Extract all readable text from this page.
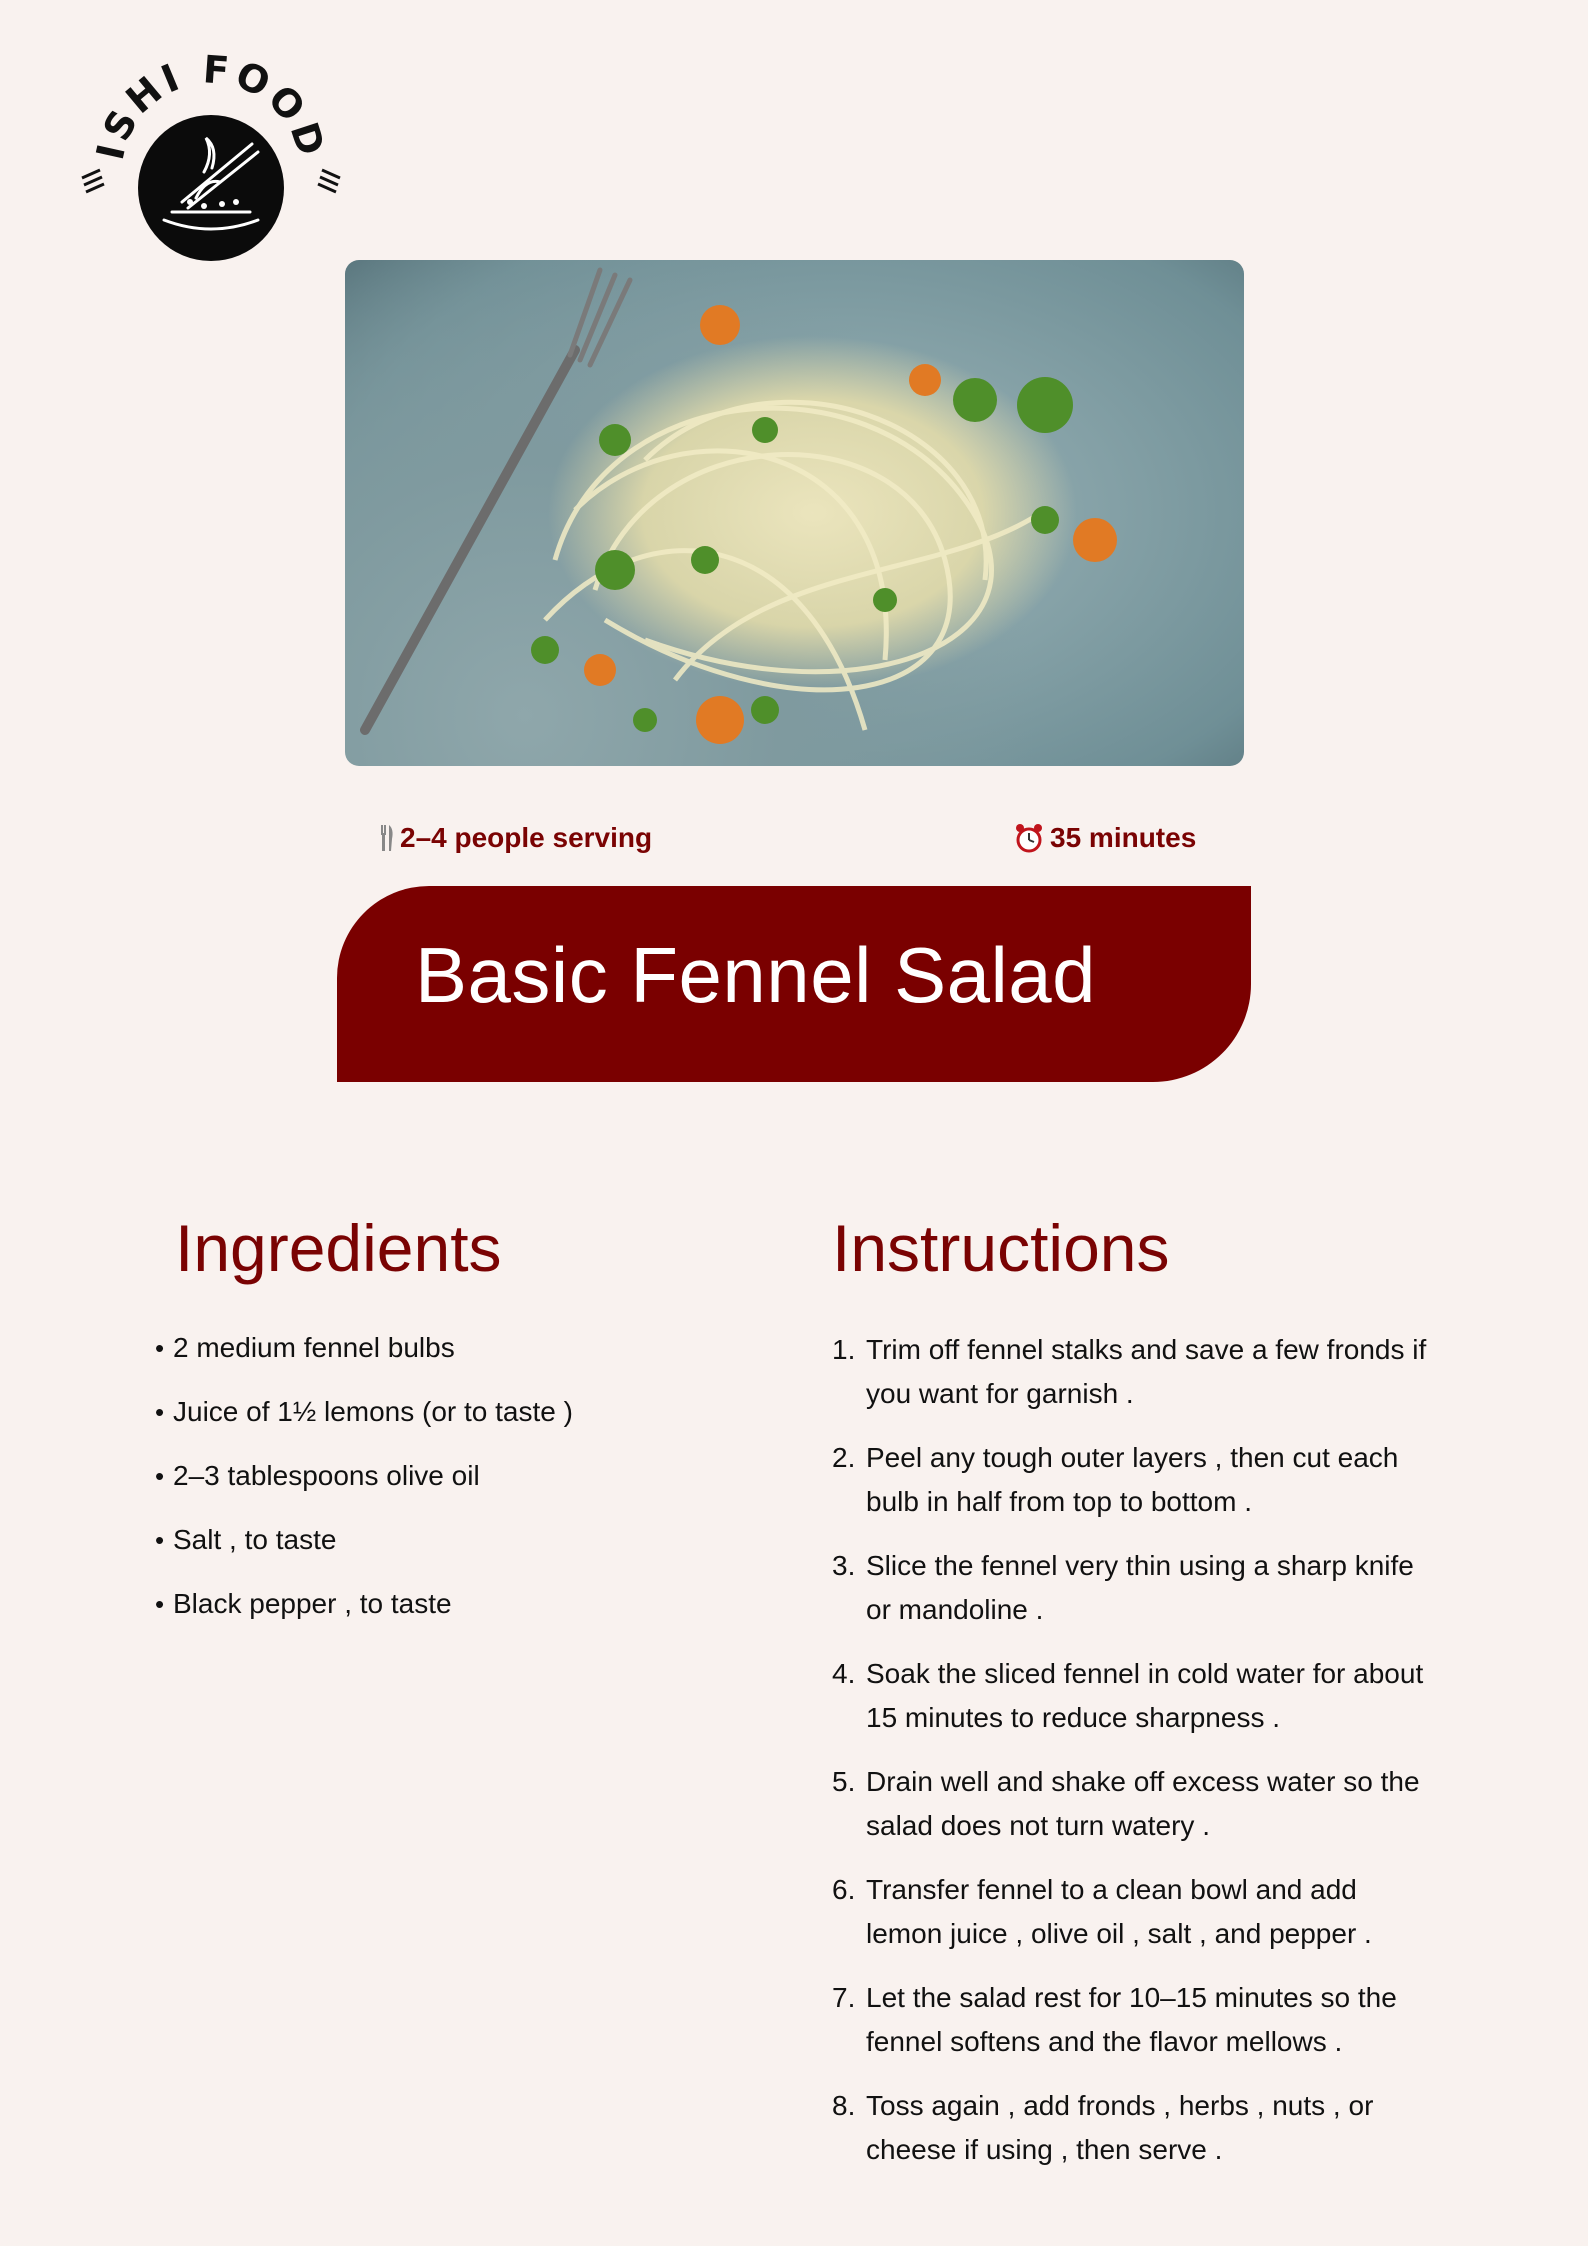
ISHI FOOD
2–4 people serving	35 minutes
Basic Fennel Salad
Ingredients	Instructions
• 2 medium fennel bulbs
• Juice of 1½ lemons (or to taste )
• 2–3 tablespoons olive oil
• Salt , to taste
• Black pepper , to taste
1. Trim off fennel stalks and save a few fronds if you want for garnish .
2. Peel any tough outer layers , then cut each bulb in half from top to bottom .
3. Slice the fennel very thin using a sharp knife or mandoline .
4. Soak the sliced fennel in cold water for about 15 minutes to reduce sharpness .
5. Drain well and shake off excess water so the salad does not turn watery .
6. Transfer fennel to a clean bowl and add lemon juice , olive oil , salt , and pepper .
7. Let the salad rest for 10–15 minutes so the fennel softens and the flavor mellows .
8. Toss again , add fronds , herbs , nuts , or cheese if using , then serve .
